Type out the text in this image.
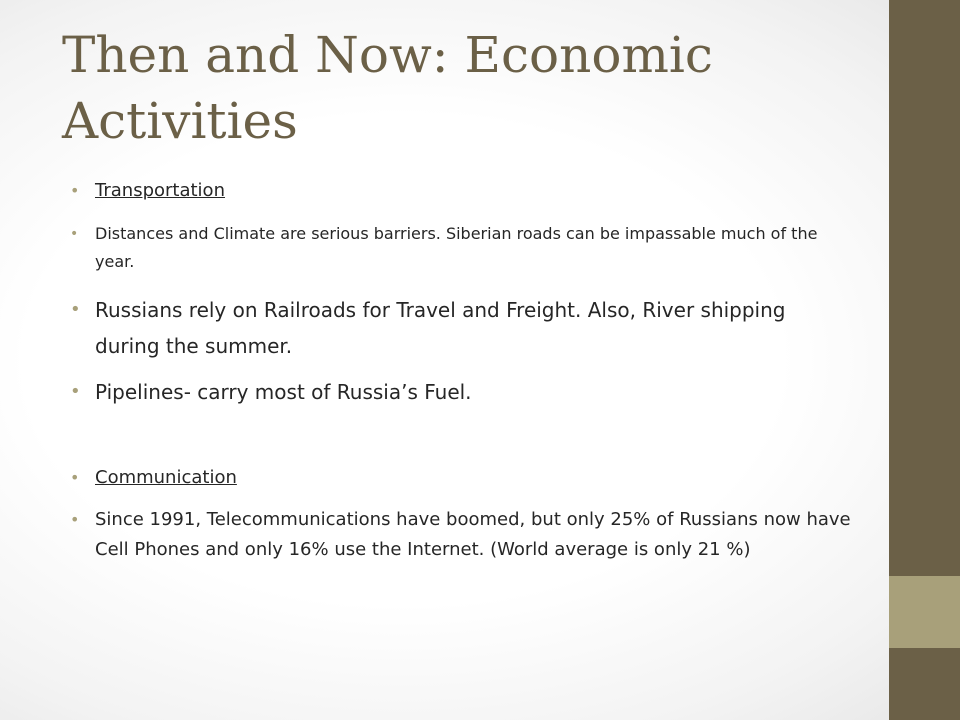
Then and Now: Economic Activities
• Transportation
• Distances and Climate are serious barriers. Siberian roads can be impassable much of the year.
• Russians rely on Railroads for Travel and Freight. Also, River shipping during the summer.
• Pipelines- carry most of Russia’s Fuel.
• Communication
• Since 1991, Telecommunications have boomed, but only 25% of Russians now have Cell Phones and only 16% use the Internet. (World average is only 21 %)
